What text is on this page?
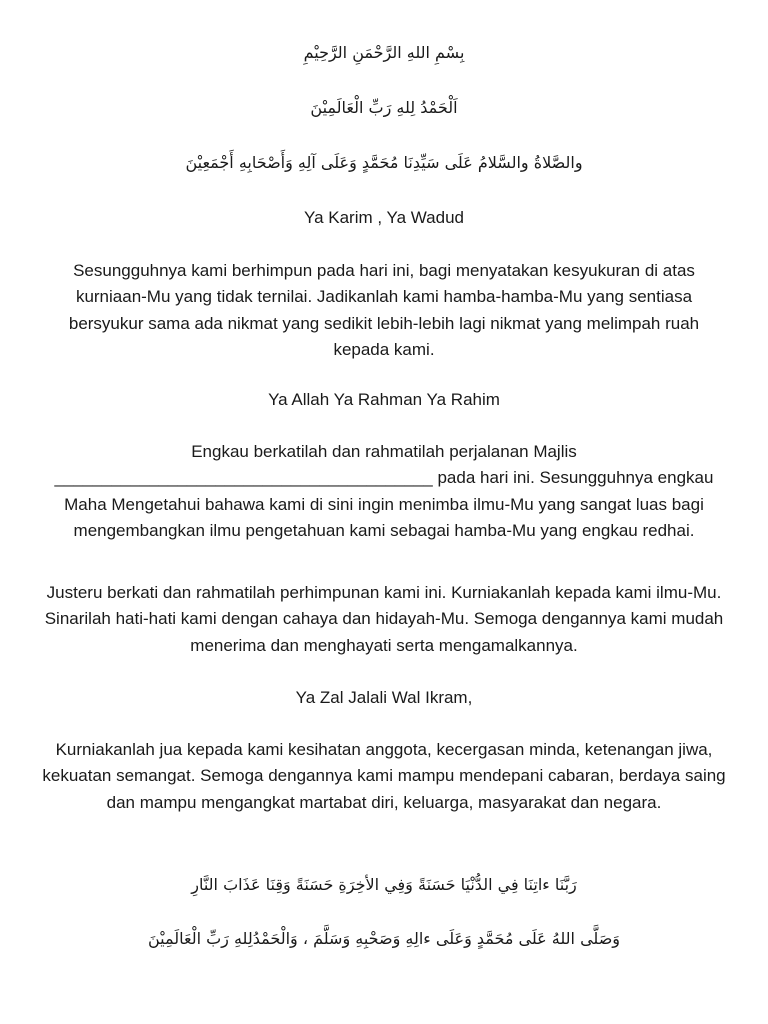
بِسْمِ اللهِ الرَّحْمَنِ الرَّحِيْمِ
اَلْحَمْدُ لِلهِ رَبِّ الْعَالَمِيْنَ
والصَّلاةُ والسَّلامُ عَلَى سَيِّدِنَا مُحَمَّدٍ وَعَلَى آلِهِ وَأَصْحَابِهِ أَجْمَعِيْنَ
Ya Karim , Ya Wadud
Sesungguhnya kami berhimpun pada hari ini, bagi menyatakan kesyukuran di atas kurniaan-Mu yang tidak ternilai. Jadikanlah kami hamba-hamba-Mu yang sentiasa bersyukur sama ada nikmat yang sedikit lebih-lebih lagi nikmat yang melimpah ruah kepada kami.
Ya Allah Ya Rahman Ya Rahim
Engkau berkatilah dan rahmatilah perjalanan Majlis ________________________________________ pada hari ini. Sesungguhnya engkau Maha Mengetahui bahawa kami di sini ingin menimba ilmu-Mu yang sangat luas bagi mengembangkan ilmu pengetahuan kami sebagai hamba-Mu yang engkau redhai.
Justeru berkati dan rahmatilah perhimpunan kami ini. Kurniakanlah kepada kami ilmu-Mu. Sinarilah hati-hati kami dengan cahaya dan hidayah-Mu. Semoga dengannya kami mudah menerima dan menghayati serta mengamalkannya.
Ya Zal Jalali Wal Ikram,
Kurniakanlah jua kepada kami kesihatan anggota, kecergasan minda, ketenangan jiwa, kekuatan semangat. Semoga dengannya kami mampu mendepani cabaran, berdaya saing dan mampu mengangkat martabat diri, keluarga, masyarakat dan negara.
رَبَّنَا ءاتِنَا فِي الدُّنْيَا حَسَنَةً وَفِي الأخِرَةِ حَسَنَةً وَقِنَا عَذَابَ النَّارِ
وَصَلَّى اللهُ عَلَى مُحَمَّدٍ وَعَلَى ءالِهِ وَصَحْبِهِ وَسَلَّمَ ، وَالْحَمْدُلِلهِ رَبِّ الْعَالَمِيْنَ
